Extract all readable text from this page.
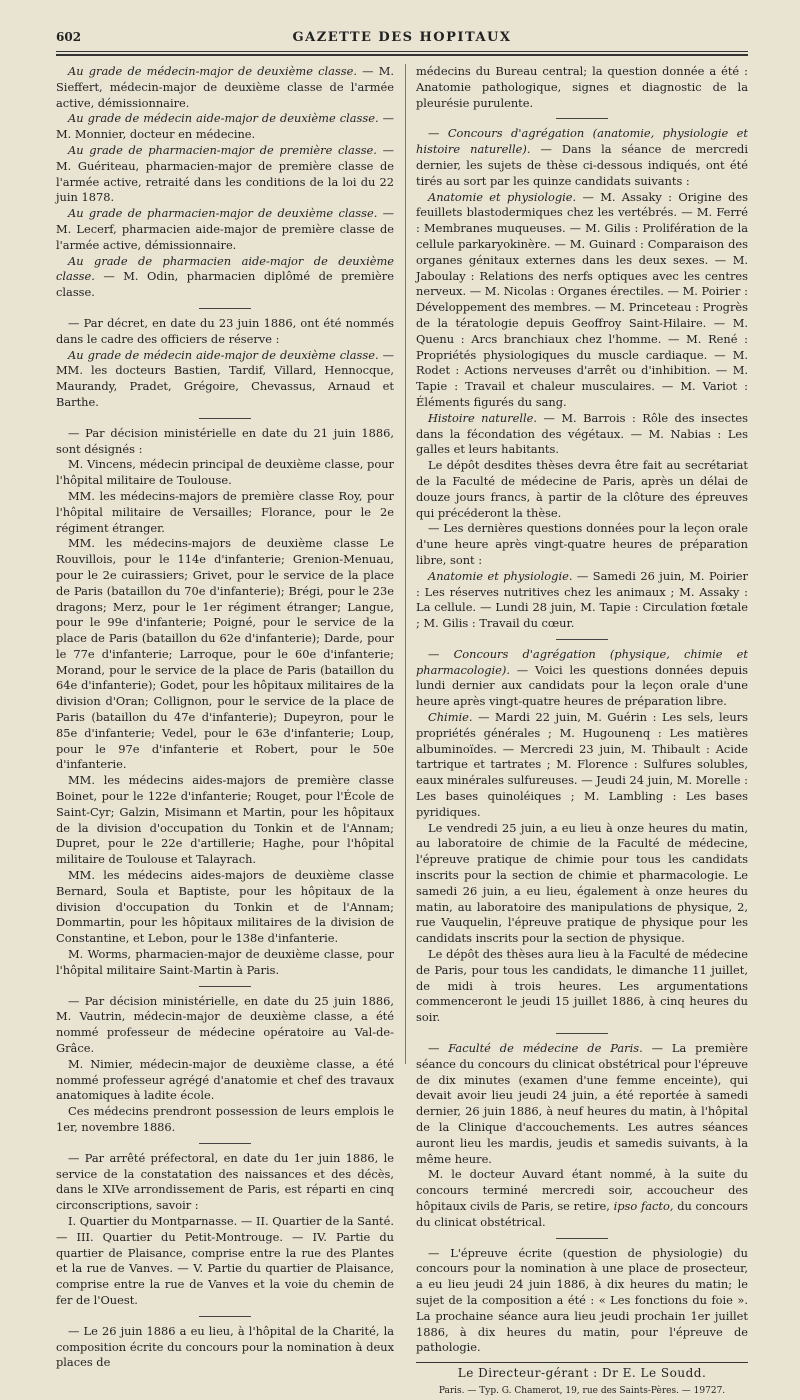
602	GAZETTE DES HOPITAUX

Au grade de médecin-major de deuxième classe. — M. Sieffert, médecin-major de deuxième classe de l'armée active, démissionnaire.

Au grade de médecin aide-major de deuxième classe. — M. Monnier, docteur en médecine.

Au grade de pharmacien-major de première classe. — M. Guériteau, pharmacien-major de première classe de l'armée active, retraité dans les conditions de la loi du 22 juin 1878.

Au grade de pharmacien-major de deuxième classe. — M. Lecerf, pharmacien aide-major de première classe de l'armée active, démissionnaire.

Au grade de pharmacien aide-major de deuxième classe. — M. Odin, pharmacien diplômé de première classe.

— Par décret, en date du 23 juin 1886, ont été nommés dans le cadre des officiers de réserve :

Au grade de médecin aide-major de deuxième classe. — MM. les docteurs Bastien, Tardif, Villard, Hennocque, Maurandy, Pradet, Grégoire, Chevassus, Arnaud et Barthe.

— Par décision ministérielle en date du 21 juin 1886, sont désignés :

M. Vincens, médecin principal de deuxième classe, pour l'hôpital militaire de Toulouse.

MM. les médecins-majors de première classe Roy, pour l'hôpital militaire de Versailles; Florance, pour le 2e régiment étranger.

MM. les médecins-majors de deuxième classe Le Rouvillois, pour le 114e d'infanterie; Grenion-Menuau, pour le 2e cuirassiers; Grivet, pour le service de la place de Paris (bataillon du 70e d'infanterie); Brégi, pour le 23e dragons; Merz, pour le 1er régiment étranger; Langue, pour le 99e d'infanterie; Poigné, pour le service de la place de Paris (bataillon du 62e d'infanterie); Darde, pour le 77e d'infanterie; Larroque, pour le 60e d'infanterie; Morand, pour le service de la place de Paris (bataillon du 64e d'infanterie); Godet, pour les hôpitaux militaires de la division d'Oran; Collignon, pour le service de la place de Paris (bataillon du 47e d'infanterie); Dupeyron, pour le 85e d'infanterie; Vedel, pour le 63e d'infanterie; Loup, pour le 97e d'infanterie et Robert, pour le 50e d'infanterie.

MM. les médecins aides-majors de première classe Boinet, pour le 122e d'infanterie; Rouget, pour l'École de Saint-Cyr; Galzin, Misimann et Martin, pour les hôpitaux de la division d'occupation du Tonkin et de l'Annam; Dupret, pour le 22e d'artillerie; Haghe, pour l'hôpital militaire de Toulouse et Talayrach.

MM. les médecins aides-majors de deuxième classe Bernard, Soula et Baptiste, pour les hôpitaux de la division d'occupation du Tonkin et de l'Annam; Dommartin, pour les hôpitaux militaires de la division de Constantine, et Lebon, pour le 138e d'infanterie.

M. Worms, pharmacien-major de deuxième classe, pour l'hôpital militaire Saint-Martin à Paris.

— Par décision ministérielle, en date du 25 juin 1886, M. Vautrin, médecin-major de deuxième classe, a été nommé professeur de médecine opératoire au Val-de-Grâce.

M. Nimier, médecin-major de deuxième classe, a été nommé professeur agrégé d'anatomie et chef des travaux anatomiques à ladite école.

Ces médecins prendront possession de leurs emplois le 1er, novembre 1886.

— Par arrêté préfectoral, en date du 1er juin 1886, le service de la constatation des naissances et des décès, dans le XIVe arrondissement de Paris, est réparti en cinq circonscriptions, savoir :

I. Quartier du Montparnasse. — II. Quartier de la Santé. — III. Quartier du Petit-Montrouge. — IV. Partie du quartier de Plaisance, comprise entre la rue des Plantes et la rue de Vanves. — V. Partie du quartier de Plaisance, comprise entre la rue de Vanves et la voie du chemin de fer de l'Ouest.

— Le 26 juin 1886 a eu lieu, à l'hôpital de la Charité, la composition écrite du concours pour la nomination à deux places de

médecins du Bureau central; la question donnée a été : Anatomie pathologique, signes et diagnostic de la pleurésie purulente.

— Concours d'agrégation (anatomie, physiologie et histoire naturelle). — Dans la séance de mercredi dernier, les sujets de thèse ci-dessous indiqués, ont été tirés au sort par les quinze candidats suivants :

Anatomie et physiologie. — M. Assaky : Origine des feuillets blastodermiques chez les vertébrés. — M. Ferré : Membranes muqueuses. — M. Gilis : Prolifération de la cellule parkaryokinère. — M. Guinard : Comparaison des organes génitaux externes dans les deux sexes. — M. Jaboulay : Relations des nerfs optiques avec les centres nerveux. — M. Nicolas : Organes érectiles. — M. Poirier : Développement des membres. — M. Princeteau : Progrès de la tératologie depuis Geoffroy Saint-Hilaire. — M. Quenu : Arcs branchiaux chez l'homme. — M. René : Propriétés physiologiques du muscle cardiaque. — M. Rodet : Actions nerveuses d'arrêt ou d'inhibition. — M. Tapie : Travail et chaleur musculaires. — M. Variot : Éléments figurés du sang.

Histoire naturelle. — M. Barrois : Rôle des insectes dans la fécondation des végétaux. — M. Nabias : Les galles et leurs habitants.

Le dépôt desdites thèses devra être fait au secrétariat de la Faculté de médecine de Paris, après un délai de douze jours francs, à partir de la clôture des épreuves qui précéderont la thèse.

— Les dernières questions données pour la leçon orale d'une heure après vingt-quatre heures de préparation libre, sont :

Anatomie et physiologie. — Samedi 26 juin, M. Poirier : Les réserves nutritives chez les animaux ; M. Assaky : La cellule. — Lundi 28 juin, M. Tapie : Circulation fœtale ; M. Gilis : Travail du cœur.

— Concours d'agrégation (physique, chimie et pharmacologie). — Voici les questions données depuis lundi dernier aux candidats pour la leçon orale d'une heure après vingt-quatre heures de préparation libre.

Chimie. — Mardi 22 juin, M. Guérin : Les sels, leurs propriétés générales ; M. Hugounenq : Les matières albuminoïdes. — Mercredi 23 juin, M. Thibault : Acide tartrique et tartrates ; M. Florence : Sulfures solubles, eaux minérales sulfureuses. — Jeudi 24 juin, M. Morelle : Les bases quinoléiques ; M. Lambling : Les bases pyridiques.

Le vendredi 25 juin, a eu lieu à onze heures du matin, au laboratoire de chimie de la Faculté de médecine, l'épreuve pratique de chimie pour tous les candidats inscrits pour la section de chimie et pharmacologie. Le samedi 26 juin, a eu lieu, également à onze heures du matin, au laboratoire des manipulations de physique, 2, rue Vauquelin, l'épreuve pratique de physique pour les candidats inscrits pour la section de physique.

Le dépôt des thèses aura lieu à la Faculté de médecine de Paris, pour tous les candidats, le dimanche 11 juillet, de midi à trois heures. Les argumentations commenceront le jeudi 15 juillet 1886, à cinq heures du soir.

— Faculté de médecine de Paris. — La première séance du concours du clinicat obstétrical pour l'épreuve de dix minutes (examen d'une femme enceinte), qui devait avoir lieu jeudi 24 juin, a été reportée à samedi dernier, 26 juin 1886, à neuf heures du matin, à l'hôpital de la Clinique d'accouchements. Les autres séances auront lieu les mardis, jeudis et samedis suivants, à la même heure.

M. le docteur Auvard étant nommé, à la suite du concours terminé mercredi soir, accoucheur des hôpitaux civils de Paris, se retire, ipso facto, du concours du clinicat obstétrical.

— L'épreuve écrite (question de physiologie) du concours pour la nomination à une place de prosecteur, a eu lieu jeudi 24 juin 1886, à dix heures du matin; le sujet de la composition a été : « Les fonctions du foie ». La prochaine séance aura lieu jeudi prochain 1er juillet 1886, à dix heures du matin, pour l'épreuve de pathologie.

Le Directeur-gérant : Dr E. Le Soudd.
Paris. — Typ. G. Chamerot, 19, rue des Saints-Pères. — 19727.
